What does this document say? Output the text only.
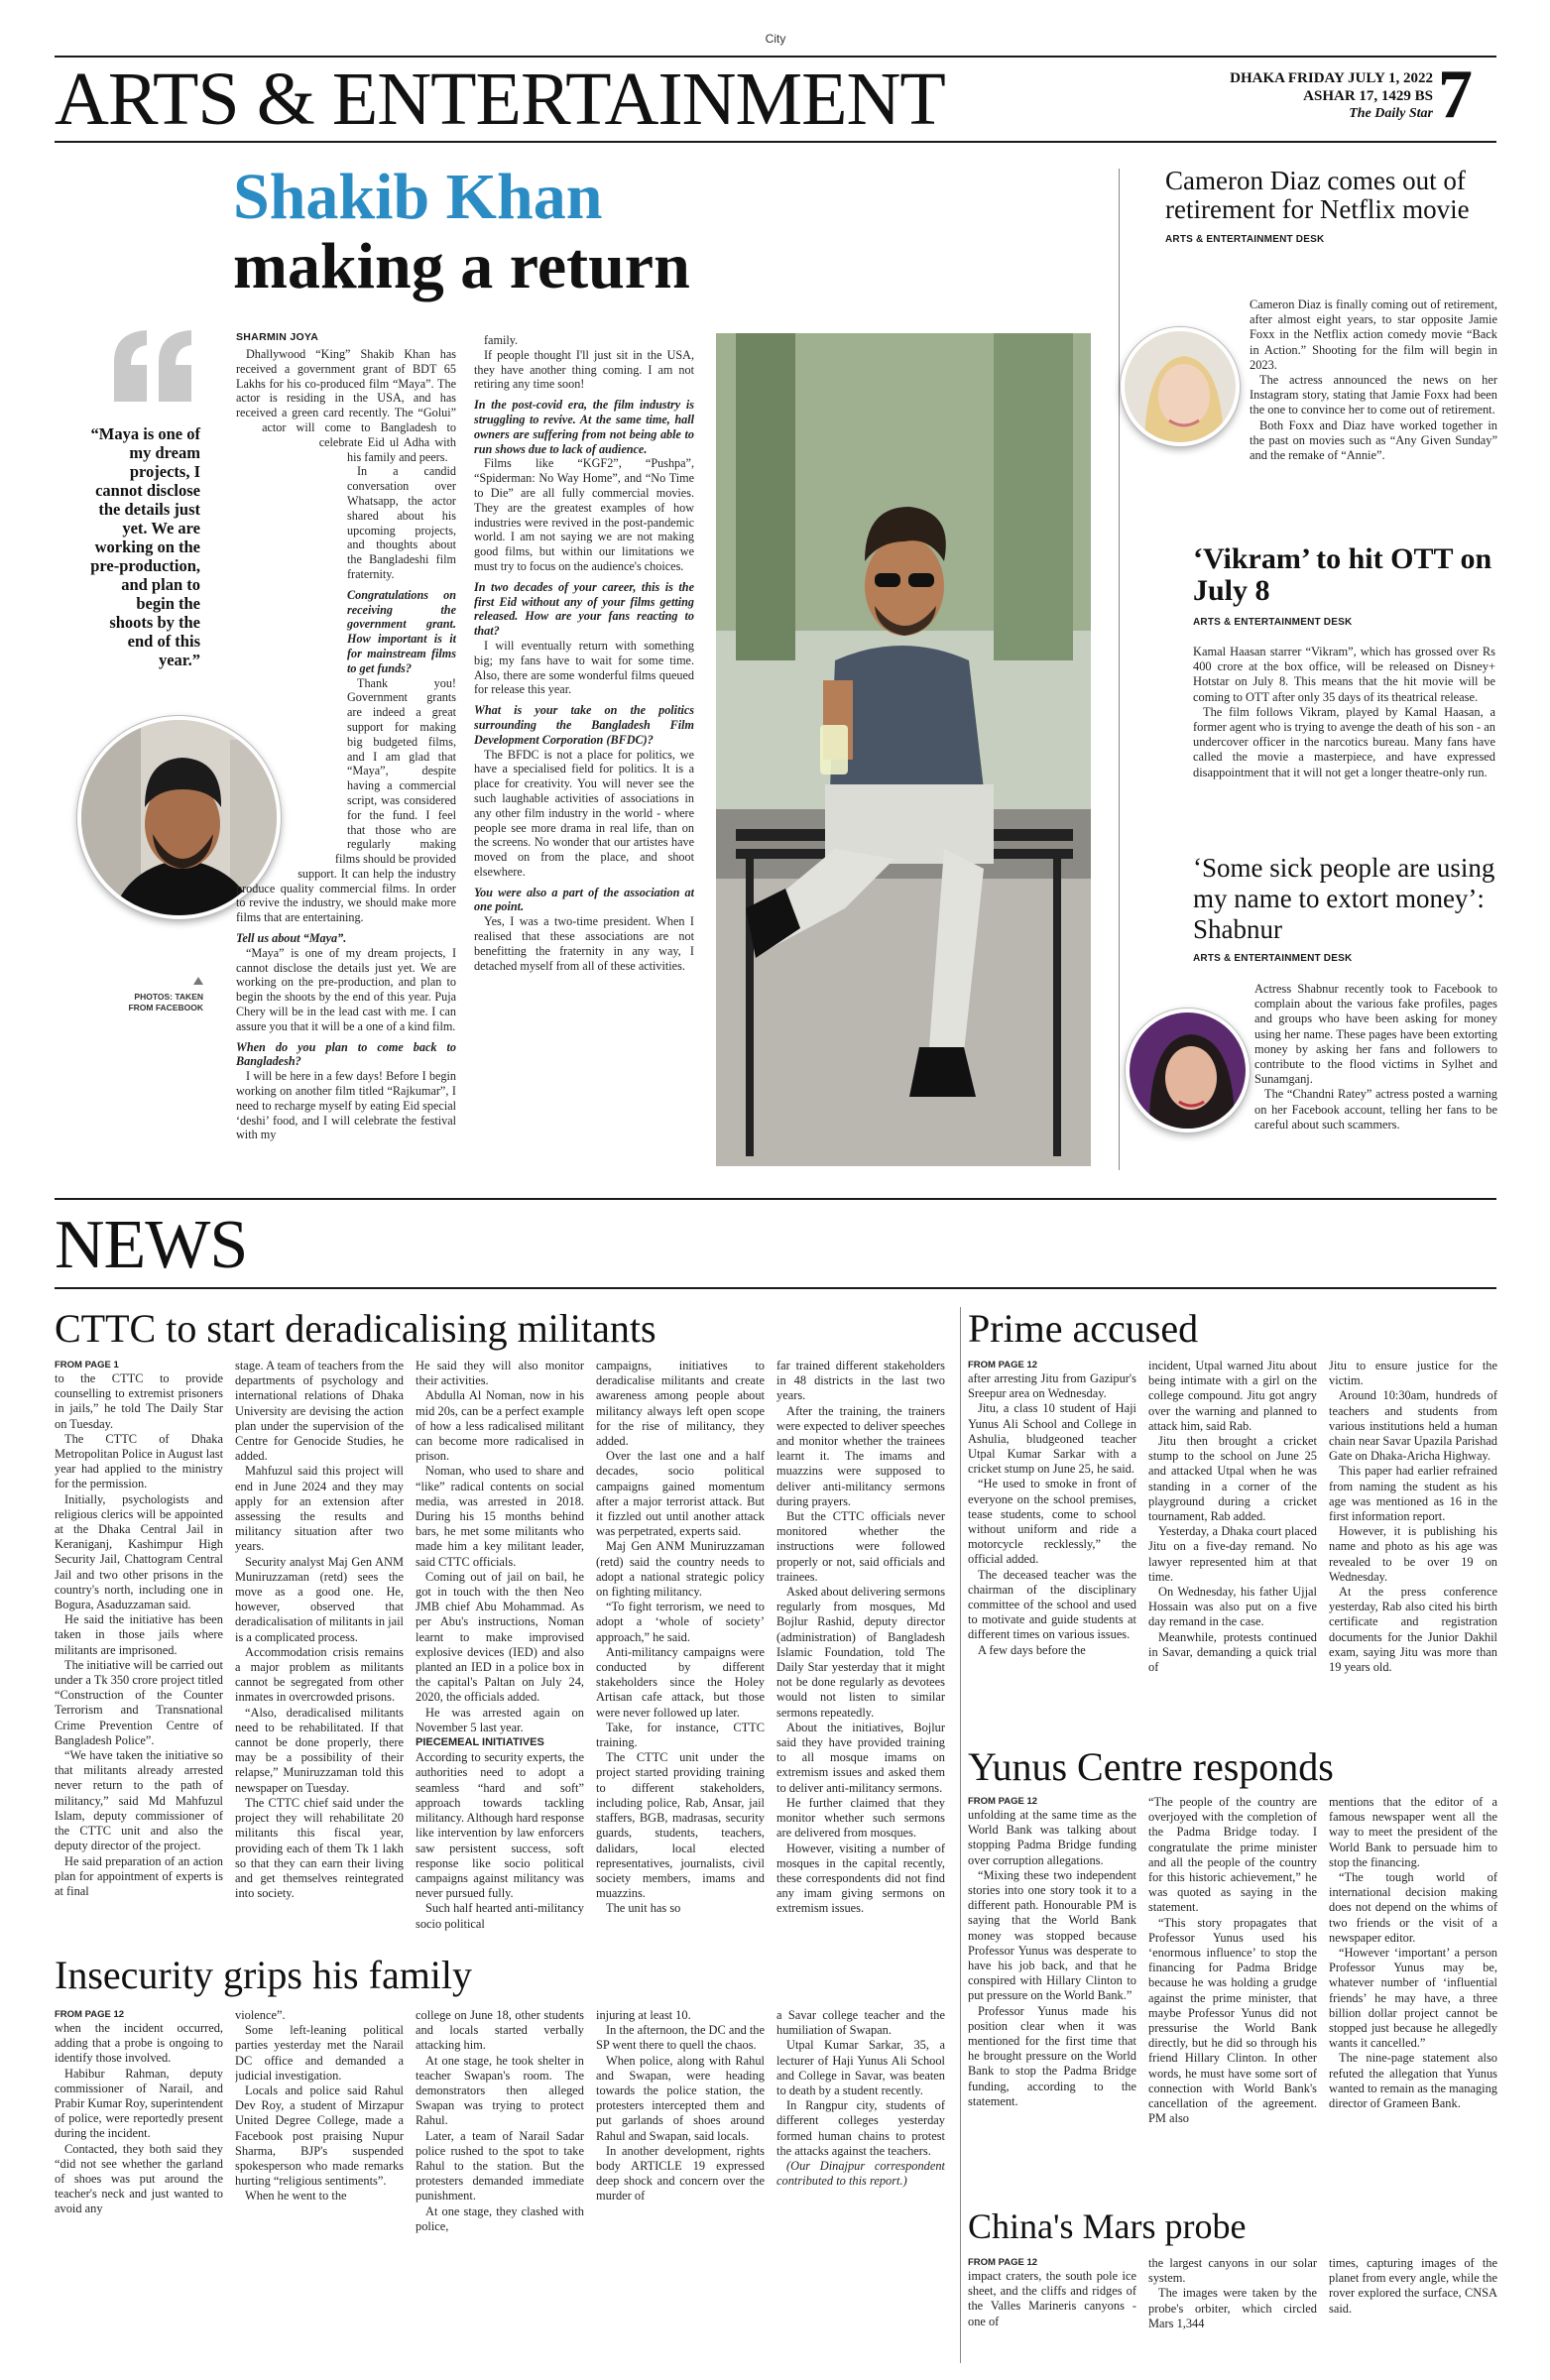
City
ARTS & ENTERTAINMENT	DHAKA FRIDAY JULY 1, 2022
ASHAR 17, 1429 BS
The Daily Star 7
Shakib Khan
making a return
“Maya is one of my dream projects, I cannot disclose the details just yet. We are working on the pre-production, and plan to begin the shoots by the end of this year.”
PHOTOS: TAKEN FROM FACEBOOK
SHARMIN JOYA

Dhallywood “King” Shakib Khan has received a government grant of BDT 65 Lakhs for his co-produced film “Maya”. The actor is residing in the USA, and has received a green card recently. The “Golui” actor will come to Bangladesh to celebrate Eid ul Adha with his family and peers.

In a candid conversation over Whatsapp, the actor shared about his upcoming projects, and thoughts about the Bangladeshi film fraternity.

Congratulations on receiving the government grant. How important is it for mainstream films to get funds?

Thank you! Government grants are indeed a great support for making big budgeted films, and I am glad that “Maya”, despite having a commercial script, was considered for the fund. I feel that those who are regularly making films should be provided support. It can help the industry produce quality commercial films. In order to revive the industry, we should make more films that are entertaining.

Tell us about “Maya”.

“Maya” is one of my dream projects, I cannot disclose the details just yet. We are working on the pre-production, and plan to begin the shoots by the end of this year. Puja Chery will be in the lead cast with me. I can assure you that it will be a one of a kind film.

When do you plan to come back to Bangladesh?

I will be here in a few days! Before I begin working on another film titled “Rajkumar”, I need to recharge myself by eating Eid special ‘deshi’ food, and I will celebrate the festival with my

family.

If people thought I'll just sit in the USA, they have another thing coming. I am not retiring any time soon!

In the post-covid era, the film industry is struggling to revive. At the same time, hall owners are suffering from not being able to run shows due to lack of audience.

Films like “KGF2”, “Pushpa”, “Spiderman: No Way Home”, and “No Time to Die” are all fully commercial movies. They are the greatest examples of how industries were revived in the post-pandemic world. I am not saying we are not making good films, but within our limitations we must try to focus on the audience's choices.

In two decades of your career, this is the first Eid without any of your films getting released. How are your fans reacting to that?

I will eventually return with something big; my fans have to wait for some time. Also, there are some wonderful films queued for release this year.

What is your take on the politics surrounding the Bangladesh Film Development Corporation (BFDC)?

The BFDC is not a place for politics, we have a specialised field for politics. It is a place for creativity. You will never see the such laughable activities of associations in any other film industry in the world - where people see more drama in real life, than on the screens. No wonder that our artistes have moved on from the place, and shoot elsewhere.

You were also a part of the association at one point.

Yes, I was a two-time president. When I realised that these associations are not benefitting the fraternity in any way, I detached myself from all of these activities.

Cameron Diaz comes out of retirement for Netflix movie
ARTS & ENTERTAINMENT DESK

Cameron Diaz is finally coming out of retirement, after almost eight years, to star opposite Jamie Foxx in the Netflix action comedy movie “Back in Action.” Shooting for the film will begin in 2023.

The actress announced the news on her Instagram story, stating that Jamie Foxx had been the one to convince her to come out of retirement.

Both Foxx and Diaz have worked together in the past on movies such as “Any Given Sunday” and the remake of “Annie”.

‘Vikram’ to hit OTT on July 8
ARTS & ENTERTAINMENT DESK

Kamal Haasan starrer “Vikram”, which has grossed over Rs 400 crore at the box office, will be released on Disney+ Hotstar on July 8. This means that the hit movie will be coming to OTT after only 35 days of its theatrical release.

The film follows Vikram, played by Kamal Haasan, a former agent who is trying to avenge the death of his son - an undercover officer in the narcotics bureau. Many fans have called the movie a masterpiece, and have expressed disappointment that it will not get a longer theatre-only run.

‘Some sick people are using my name to extort money’: Shabnur
ARTS & ENTERTAINMENT DESK

Actress Shabnur recently took to Facebook to complain about the various fake profiles, pages and groups who have been asking for money using her name. These pages have been extorting money by asking her fans and followers to contribute to the flood victims in Sylhet and Sunamganj.

The “Chandni Ratey” actress posted a warning on her Facebook account, telling her fans to be careful about such scammers.

NEWS
CTTC to start deradicalising militants

FROM PAGE 1

to the CTTC to provide counselling to extremist prisoners in jails,” he told The Daily Star on Tuesday.

The CTTC of Dhaka Metropolitan Police in August last year had applied to the ministry for the permission.

Initially, psychologists and religious clerics will be appointed at the Dhaka Central Jail in Keraniganj, Kashimpur High Security Jail, Chattogram Central Jail and two other prisons in the country's north, including one in Bogura, Asaduzzaman said.

He said the initiative has been taken in those jails where militants are imprisoned.

The initiative will be carried out under a Tk 350 crore project titled “Construction of the Counter Terrorism and Transnational Crime Prevention Centre of Bangladesh Police”.

“We have taken the initiative so that militants already arrested never return to the path of militancy,” said Md Mahfuzul Islam, deputy commissioner of the CTTC unit and also the deputy director of the project.

He said preparation of an action plan for appointment of experts is at final

stage. A team of teachers from the departments of psychology and international relations of Dhaka University are devising the action plan under the supervision of the Centre for Genocide Studies, he added.

Mahfuzul said this project will end in June 2024 and they may apply for an extension after assessing the results and militancy situation after two years.

Security analyst Maj Gen ANM Muniruzzaman (retd) sees the move as a good one. He, however, observed that deradicalisation of militants in jail is a complicated process.

Accommodation crisis remains a major problem as militants cannot be segregated from other inmates in overcrowded prisons.

“Also, deradicalised militants need to be rehabilitated. If that cannot be done properly, there may be a possibility of their relapse,” Muniruzzaman told this newspaper on Tuesday.

The CTTC chief said under the project they will rehabilitate 20 militants this fiscal year, providing each of them Tk 1 lakh so that they can earn their living and get themselves reintegrated into society.

He said they will also monitor their activities.

Abdulla Al Noman, now in his mid 20s, can be a perfect example of how a less radicalised militant can become more radicalised in prison.

Noman, who used to share and “like” radical contents on social media, was arrested in 2018. During his 15 months behind bars, he met some militants who made him a key militant leader, said CTTC officials.

Coming out of jail on bail, he got in touch with the then Neo JMB chief Abu Mohammad. As per Abu's instructions, Noman learnt to make improvised explosive devices (IED) and also planted an IED in a police box in the capital's Paltan on July 24, 2020, the officials added.

He was arrested again on November 5 last year.

PIECEMEAL INITIATIVES

According to security experts, the authorities need to adopt a seamless “hard and soft” approach towards tackling militancy. Although hard response like intervention by law enforcers saw persistent success, soft response like socio political campaigns against militancy was never pursued fully.

Such half hearted anti-militancy socio political

campaigns, initiatives to deradicalise militants and create awareness among people about militancy always left open scope for the rise of militancy, they added.

Over the last one and a half decades, socio political campaigns gained momentum after a major terrorist attack. But it fizzled out until another attack was perpetrated, experts said.

Maj Gen ANM Muniruzzaman (retd) said the country needs to adopt a national strategic policy on fighting militancy.

“To fight terrorism, we need to adopt a ‘whole of society’ approach,” he said.

Anti-militancy campaigns were conducted by different stakeholders since the Holey Artisan cafe attack, but those were never followed up later.

Take, for instance, CTTC training.

The CTTC unit under the project started providing training to different stakeholders, including police, Rab, Ansar, jail staffers, BGB, madrasas, security guards, students, teachers, dalidars, local elected representatives, journalists, civil society members, imams and muazzins.

The unit has so

far trained different stakeholders in 48 districts in the last two years.

After the training, the trainers were expected to deliver speeches and monitor whether the trainees learnt it. The imams and muazzins were supposed to deliver anti-militancy sermons during prayers.

But the CTTC officials never monitored whether the instructions were followed properly or not, said officials and trainees.

Asked about delivering sermons regularly from mosques, Md Bojlur Rashid, deputy director (administration) of Bangladesh Islamic Foundation, told The Daily Star yesterday that it might not be done regularly as devotees would not listen to similar sermons repeatedly.

About the initiatives, Bojlur said they have provided training to all mosque imams on extremism issues and asked them to deliver anti-militancy sermons.

He further claimed that they monitor whether such sermons are delivered from mosques.

However, visiting a number of mosques in the capital recently, these correspondents did not find any imam giving sermons on extremism issues.

Insecurity grips his family

FROM PAGE 12

when the incident occurred, adding that a probe is ongoing to identify those involved.

Habibur Rahman, deputy commissioner of Narail, and Prabir Kumar Roy, superintendent of police, were reportedly present during the incident.

Contacted, they both said they “did not see whether the garland of shoes was put around the teacher's neck and just wanted to avoid any

violence”.

Some left-leaning political parties yesterday met the Narail DC office and demanded a judicial investigation.

Locals and police said Rahul Dev Roy, a student of Mirzapur United Degree College, made a Facebook post praising Nupur Sharma, BJP's suspended spokesperson who made remarks hurting “religious sentiments”.

When he went to the

college on June 18, other students and locals started verbally attacking him.

At one stage, he took shelter in teacher Swapan's room. The demonstrators then alleged Swapan was trying to protect Rahul.

Later, a team of Narail Sadar police rushed to the spot to take Rahul to the station. But the protesters demanded immediate punishment.

At one stage, they clashed with police,

injuring at least 10.

In the afternoon, the DC and the SP went there to quell the chaos.

When police, along with Rahul and Swapan, were heading towards the police station, the protesters intercepted them and put garlands of shoes around Rahul and Swapan, said locals.

In another development, rights body ARTICLE 19 expressed deep shock and concern over the murder of

a Savar college teacher and the humiliation of Swapan.

Utpal Kumar Sarkar, 35, a lecturer of Haji Yunus Ali School and College in Savar, was beaten to death by a student recently.

In Rangpur city, students of different colleges yesterday formed human chains to protest the attacks against the teachers.

(Our Dinajpur correspondent contributed to this report.)

Prime accused

FROM PAGE 12

after arresting Jitu from Gazipur's Sreepur area on Wednesday.

Jitu, a class 10 student of Haji Yunus Ali School and College in Ashulia, bludgeoned teacher Utpal Kumar Sarkar with a cricket stump on June 25, he said.

“He used to smoke in front of everyone on the school premises, tease students, come to school without uniform and ride a motorcycle recklessly,” the official added.

The deceased teacher was the chairman of the disciplinary committee of the school and used to motivate and guide students at different times on various issues.

A few days before the

incident, Utpal warned Jitu about being intimate with a girl on the college compound. Jitu got angry over the warning and planned to attack him, said Rab.

Jitu then brought a cricket stump to the school on June 25 and attacked Utpal when he was standing in a corner of the playground during a cricket tournament, Rab added.

Yesterday, a Dhaka court placed Jitu on a five-day remand. No lawyer represented him at that time.

On Wednesday, his father Ujjal Hossain was also put on a five day remand in the case.

Meanwhile, protests continued in Savar, demanding a quick trial of

Jitu to ensure justice for the victim.

Around 10:30am, hundreds of teachers and students from various institutions held a human chain near Savar Upazila Parishad Gate on Dhaka-Aricha Highway.

This paper had earlier refrained from naming the student as his age was mentioned as 16 in the first information report.

However, it is publishing his name and photo as his age was revealed to be over 19 on Wednesday.

At the press conference yesterday, Rab also cited his birth certificate and registration documents for the Junior Dakhil exam, saying Jitu was more than 19 years old.

Yunus Centre responds

FROM PAGE 12

unfolding at the same time as the World Bank was talking about stopping Padma Bridge funding over corruption allegations.

“Mixing these two independent stories into one story took it to a different path. Honourable PM is saying that the World Bank money was stopped because Professor Yunus was desperate to have his job back, and that he conspired with Hillary Clinton to put pressure on the World Bank.”

Professor Yunus made his position clear when it was mentioned for the first time that he brought pressure on the World Bank to stop the Padma Bridge funding, according to the statement.

“The people of the country are overjoyed with the completion of the Padma Bridge today. I congratulate the prime minister and all the people of the country for this historic achievement,” he was quoted as saying in the statement.

“This story propagates that Professor Yunus used his ‘enormous influence’ to stop the financing for Padma Bridge because he was holding a grudge against the prime minister, that maybe Professor Yunus did not pressurise the World Bank directly, but he did so through his friend Hillary Clinton. In other words, he must have some sort of connection with World Bank's cancellation of the agreement. PM also

mentions that the editor of a famous newspaper went all the way to meet the president of the World Bank to persuade him to stop the financing.

“The tough world of international decision making does not depend on the whims of two friends or the visit of a newspaper editor.

“However ‘important’ a person Professor Yunus may be, whatever number of ‘influential friends’ he may have, a three billion dollar project cannot be stopped just because he allegedly wants it cancelled.”

The nine-page statement also refuted the allegation that Yunus wanted to remain as the managing director of Grameen Bank.

China's Mars probe

FROM PAGE 12

impact craters, the south pole ice sheet, and the cliffs and ridges of the Valles Marineris canyons - one of

the largest canyons in our solar system.

The images were taken by the probe's orbiter, which circled Mars 1,344

times, capturing images of the planet from every angle, while the rover explored the surface, CNSA said.
